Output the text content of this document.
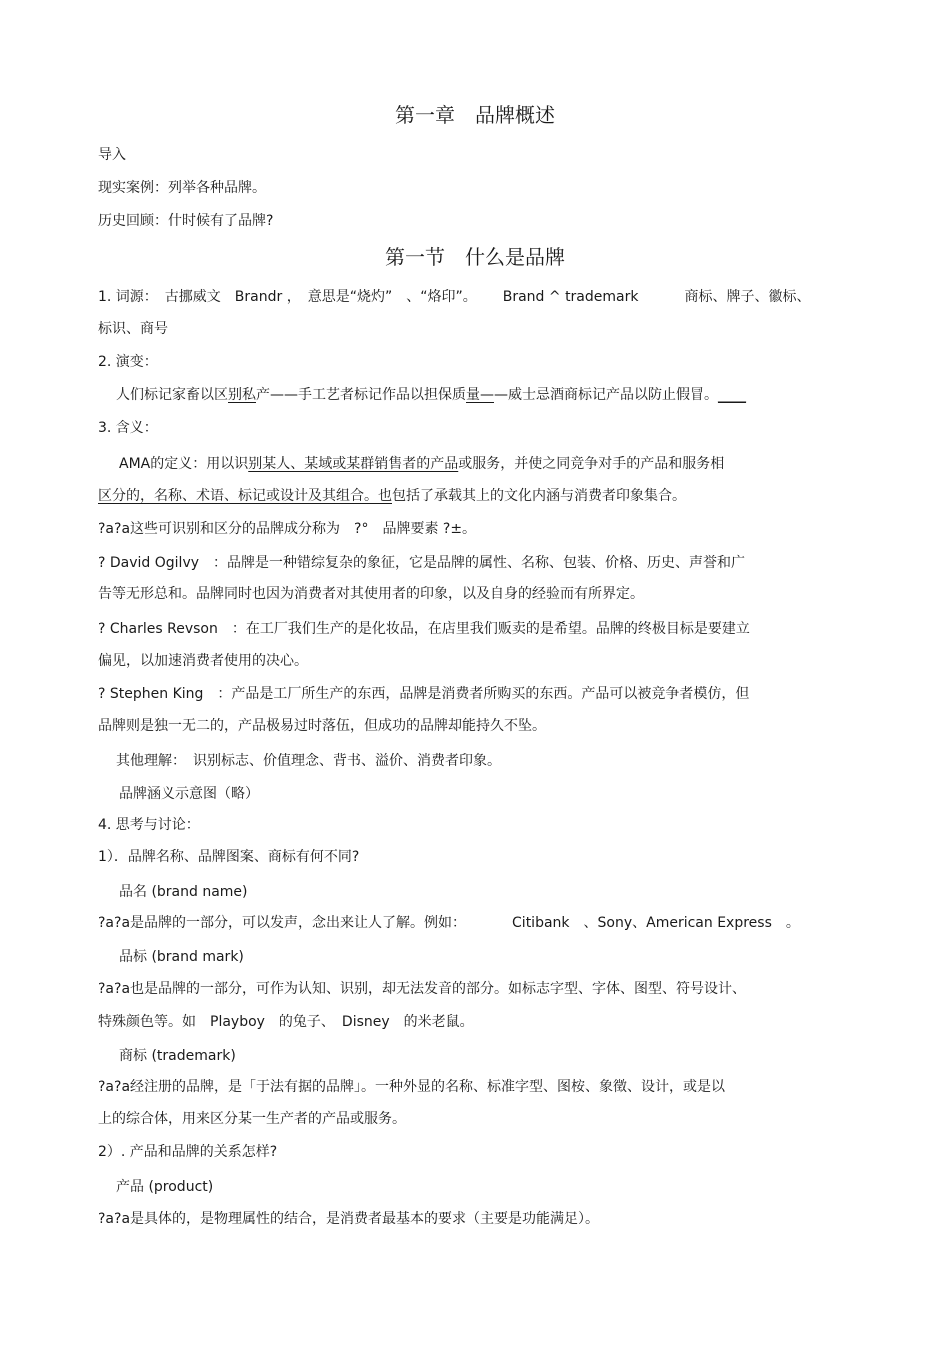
第一章　品牌概述
导入
现实案例：列举各种品牌。
历史回顾：什时候有了品牌?
第一节　什么是品牌
1. 词源：　古挪威文　Brandr ，　意思是“烧灼”　、“烙印”。 Brand ^ trademark	商标、牌子、徽标、
标识、商号
2. 演变：
人们标记家畜以区别私产——手工艺者标记作品以担保质量——威士忌酒商标记产品以防止假冒。____
3. 含义：
AMA的定义：用以识别某人、某域或某群销售者的产品或服务，并使之同竞争对手的产品和服务相
区分的，名称、术语、标记或设计及其组合。也包括了承载其上的文化内涵与消费者印象集合。
?a?a这些可识别和区分的品牌成分称为　?°　品牌要素 ?±。
? David Ogilvy　：品牌是一种错综复杂的象征，它是品牌的属性、名称、包装、价格、历史、声誉和广
告等无形总和。品牌同时也因为消费者对其使用者的印象，以及自身的经验而有所界定。
? Charles Revson　：在工厂我们生产的是化妆品，在店里我们贩卖的是希望。品牌的终极目标是要建立
偏见，以加速消费者使用的决心。
? Stephen King　：产品是工厂所生产的东西，品牌是消费者所购买的东西。产品可以被竞争者模仿，但
品牌则是独一无二的，产品极易过时落伍，但成功的品牌却能持久不坠。
其他理解：　识别标志、价值理念、背书、溢价、消费者印象。
品牌涵义示意图（略）
4. 思考与讨论：
1）．品牌名称、品牌图案、商标有何不同?
品名 (brand name)
?a?a是品牌的一部分，可以发声，念出来让人了解。例如：	Citibank　、Sony、American Express　。
品标 (brand mark)
?a?a也是品牌的一部分，可作为认知、识别，却无法发音的部分。如标志字型、字体、图型、符号设计、
特殊颜色等。如　Playboy　的兔子、　Disney　的米老鼠。
商标 (trademark)
?a?a经注册的品牌，是「于法有据的品牌」。一种外显的名称、标准字型、图桉、象徵、设计，或是以
上的综合体，用来区分某一生产者的产品或服务。
2）. 产品和品牌的关系怎样?
产品 (product)
?a?a是具体的，是物理属性的结合，是消费者最基本的要求（主要是功能满足）。
